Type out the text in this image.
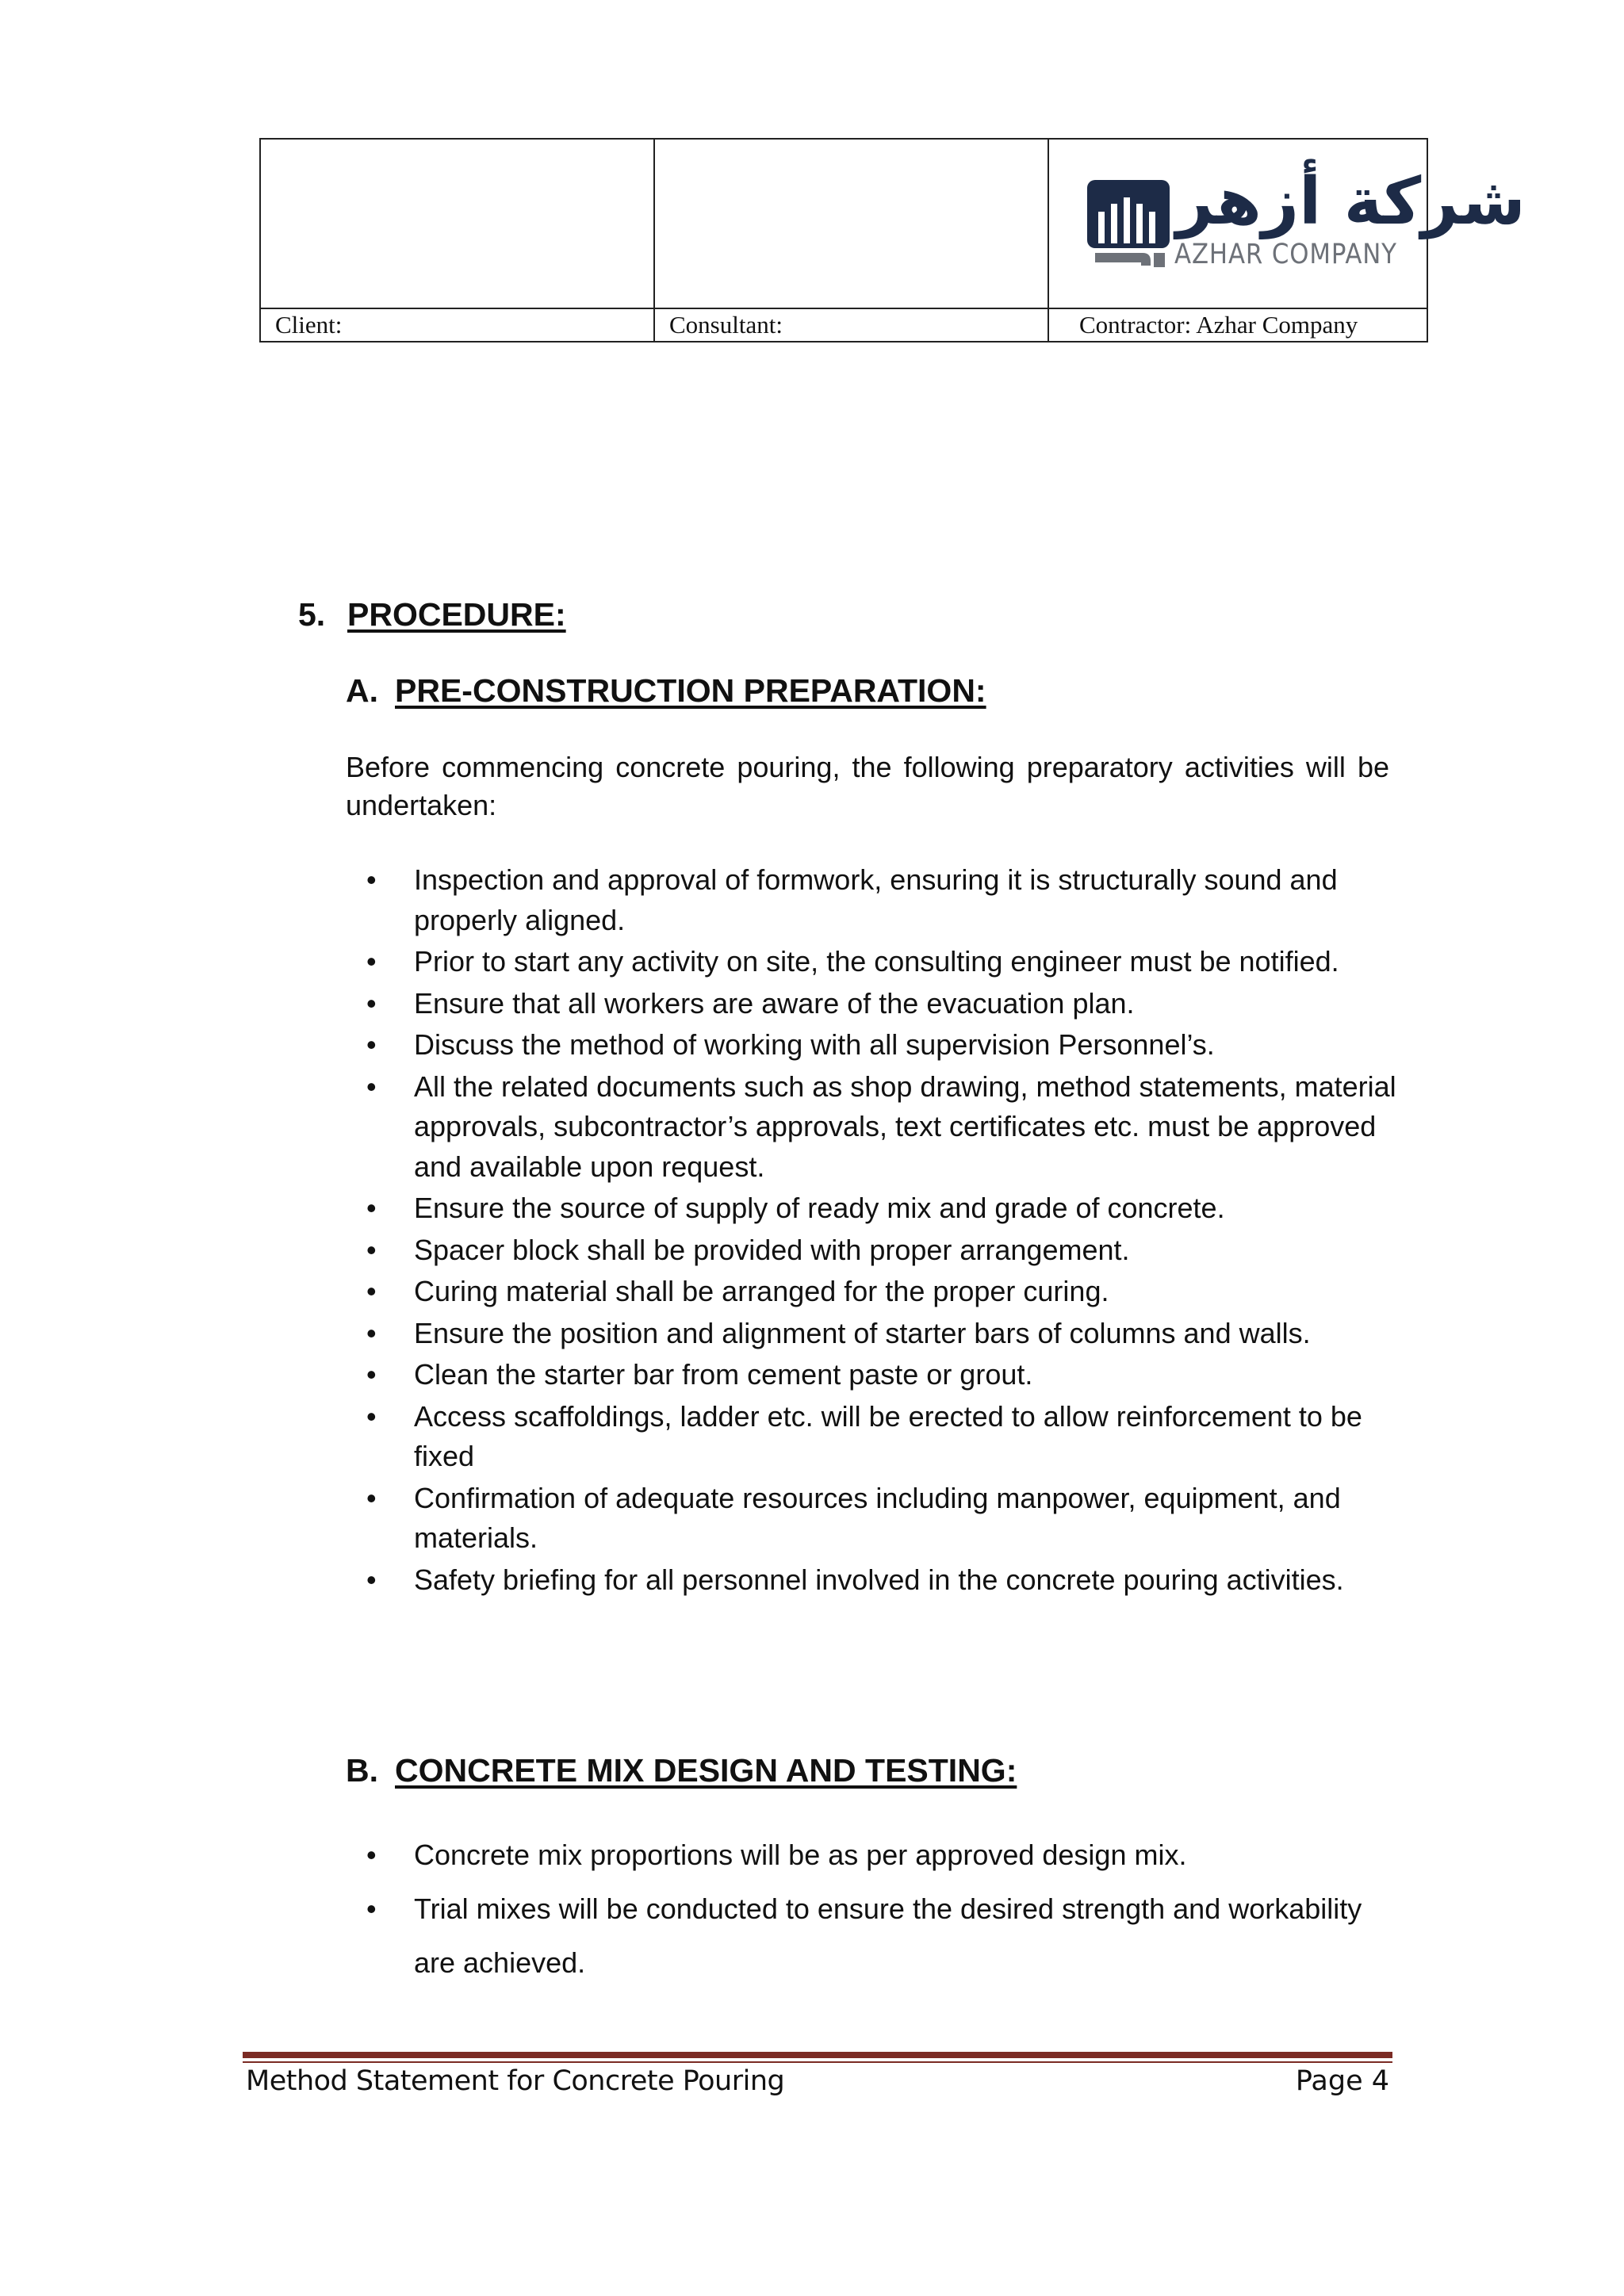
		شركة أزهر
AZHAR COMPANY

Client:	Consultant:	Contractor: Azhar Company
5. PROCEDURE:
A. PRE-CONSTRUCTION PREPARATION:
Before commencing concrete pouring, the following preparatory activities will be undertaken:
• Inspection and approval of formwork, ensuring it is structurally sound and properly aligned.
• Prior to start any activity on site, the consulting engineer must be notified.
• Ensure that all workers are aware of the evacuation plan.
• Discuss the method of working with all supervision Personnel’s.
• All the related documents such as shop drawing, method statements, material approvals, subcontractor’s approvals, text certificates etc. must be approved and available upon request.
• Ensure the source of supply of ready mix and grade of concrete.
• Spacer block shall be provided with proper arrangement.
• Curing material shall be arranged for the proper curing.
• Ensure the position and alignment of starter bars of columns and walls.
• Clean the starter bar from cement paste or grout.
• Access scaffoldings, ladder etc. will be erected to allow reinforcement to be fixed
• Confirmation of adequate resources including manpower, equipment, and materials.
• Safety briefing for all personnel involved in the concrete pouring activities.
B. CONCRETE MIX DESIGN AND TESTING:
• Concrete mix proportions will be as per approved design mix.
• Trial mixes will be conducted to ensure the desired strength and workability are achieved.
Method Statement for Concrete Pouring	Page 4
